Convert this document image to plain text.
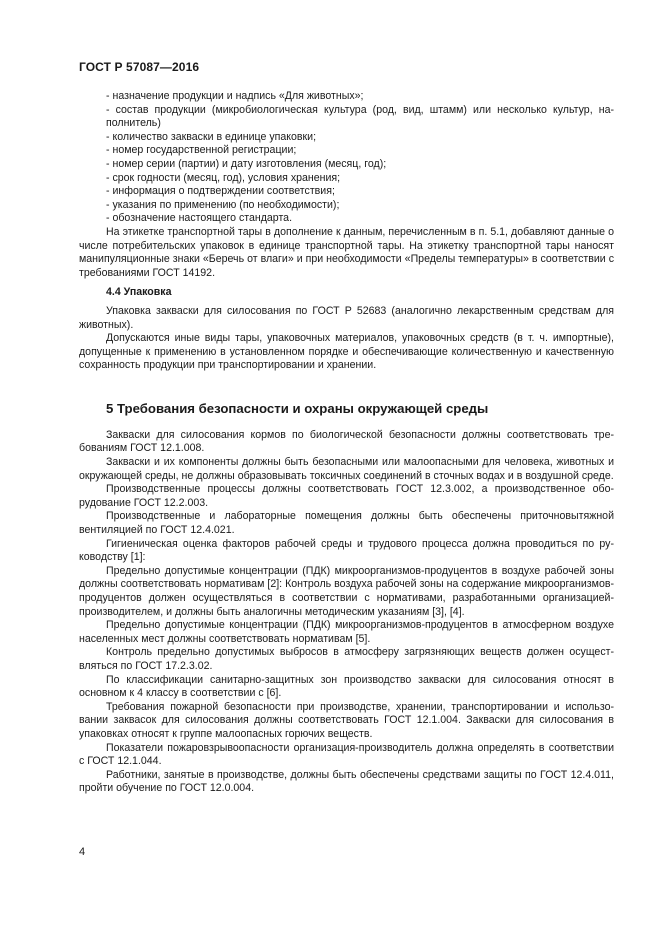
ГОСТ Р 57087—2016

- назначение продукции и надпись «Для животных»;

- состав продукции (микробиологическая культура (род, вид, штамм) или несколько культур, наполнитель)

- количество закваски в единице упаковки;

- номер государственной регистрации;

- номер серии (партии) и дату изготовления (месяц, год);

- срок годности (месяц, год), условия хранения;

- информация о подтверждении соответствия;

- указания по применению (по необходимости);

- обозначение настоящего стандарта.

На этикетке транспортной тары в дополнение к данным, перечисленным в п. 5.1, добавляют данные о числе потребительских упаковок в единице транспортной тары. На этикетку транспортной тары наносят манипуляционные знаки «Беречь от влаги» и при необходимости «Пределы температуры» в соответствии с требованиями ГОСТ 14192.

4.4 Упаковка

Упаковка закваски для силосования по ГОСТ Р 52683 (аналогично лекарственным средствам для животных).

Допускаются иные виды тары, упаковочных материалов, упаковочных средств (в т. ч. импортные), допущенные к применению в установленном порядке и обеспечивающие количественную и качественную сохранность продукции при транспортировании и хранении.

5 Требования безопасности и охраны окружающей среды

Закваски для силосования кормов по биологической безопасности должны соответствовать требованиям ГОСТ 12.1.008.

Закваски и их компоненты должны быть безопасными или малоопасными для человека, животных и окружающей среды, не должны образовывать токсичных соединений в сточных водах и в воздушной среде.

Производственные процессы должны соответствовать ГОСТ 12.3.002, а производственное оборудование ГОСТ 12.2.003.

Производственные и лабораторные помещения должны быть обеспечены приточновытяжной вентиляцией по ГОСТ 12.4.021.

Гигиеническая оценка факторов рабочей среды и трудового процесса должна проводиться по руководству [1]:

Предельно допустимые концентрации (ПДК) микроорганизмов-продуцентов в воздухе рабочей зоны должны соответствовать нормативам [2]: Контроль воздуха рабочей зоны на содержание микроорганизмов-продуцентов должен осуществляться в соответствии с нормативами, разработанными организацией-производителем, и должны быть аналогичны методическим указаниям [3], [4].

Предельно допустимые концентрации (ПДК) микроорганизмов-продуцентов в атмосферном воздухе населенных мест должны соответствовать нормативам [5].

Контроль предельно допустимых выбросов в атмосферу загрязняющих веществ должен осуществляться по ГОСТ 17.2.3.02.

По классификации санитарно-защитных зон производство закваски для силосования относят в основном к 4 классу в соответствии с [6].

Требования пожарной безопасности при производстве, хранении, транспортировании и использовании заквасок для силосования должны соответствовать ГОСТ 12.1.004. Закваски для силосования в упаковках относят к группе малоопасных горючих веществ.

Показатели пожаровзрывоопасности организация-производитель должна определять в соответствии с ГОСТ 12.1.044.

Работники, занятые в производстве, должны быть обеспечены средствами защиты по ГОСТ 12.4.011, пройти обучение по ГОСТ 12.0.004.

4
